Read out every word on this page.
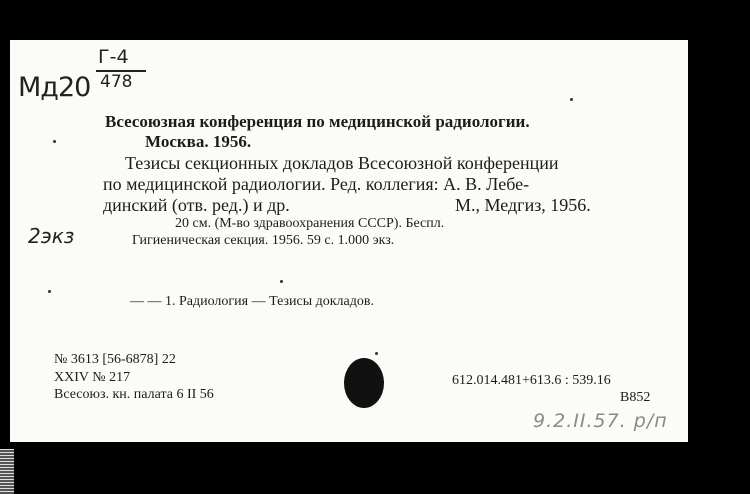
Мд20
Г-4
478
2экз
Всесоюзная конференция по медицинской радиологии.
Москва. 1956.
Тезисы секционных докладов Всесоюзной конференции
по медицинской радиологии. Ред. коллегия: А. В. Лебе-
динский (отв. ред.) и др.	М., Медгиз, 1956.
20 см. (М-во здравоохранения СССР). Беспл.
Гигиеническая секция. 1956. 59 с. 1.000 экз.
— — 1. Радиология — Тезисы докладов.
№ 3613 [56-6878] 22
XXIV № 217
Всесоюз. кн. палата 6 II 56
612.014.481+613.6 : 539.16
В852
9.2.II.57. р/п
